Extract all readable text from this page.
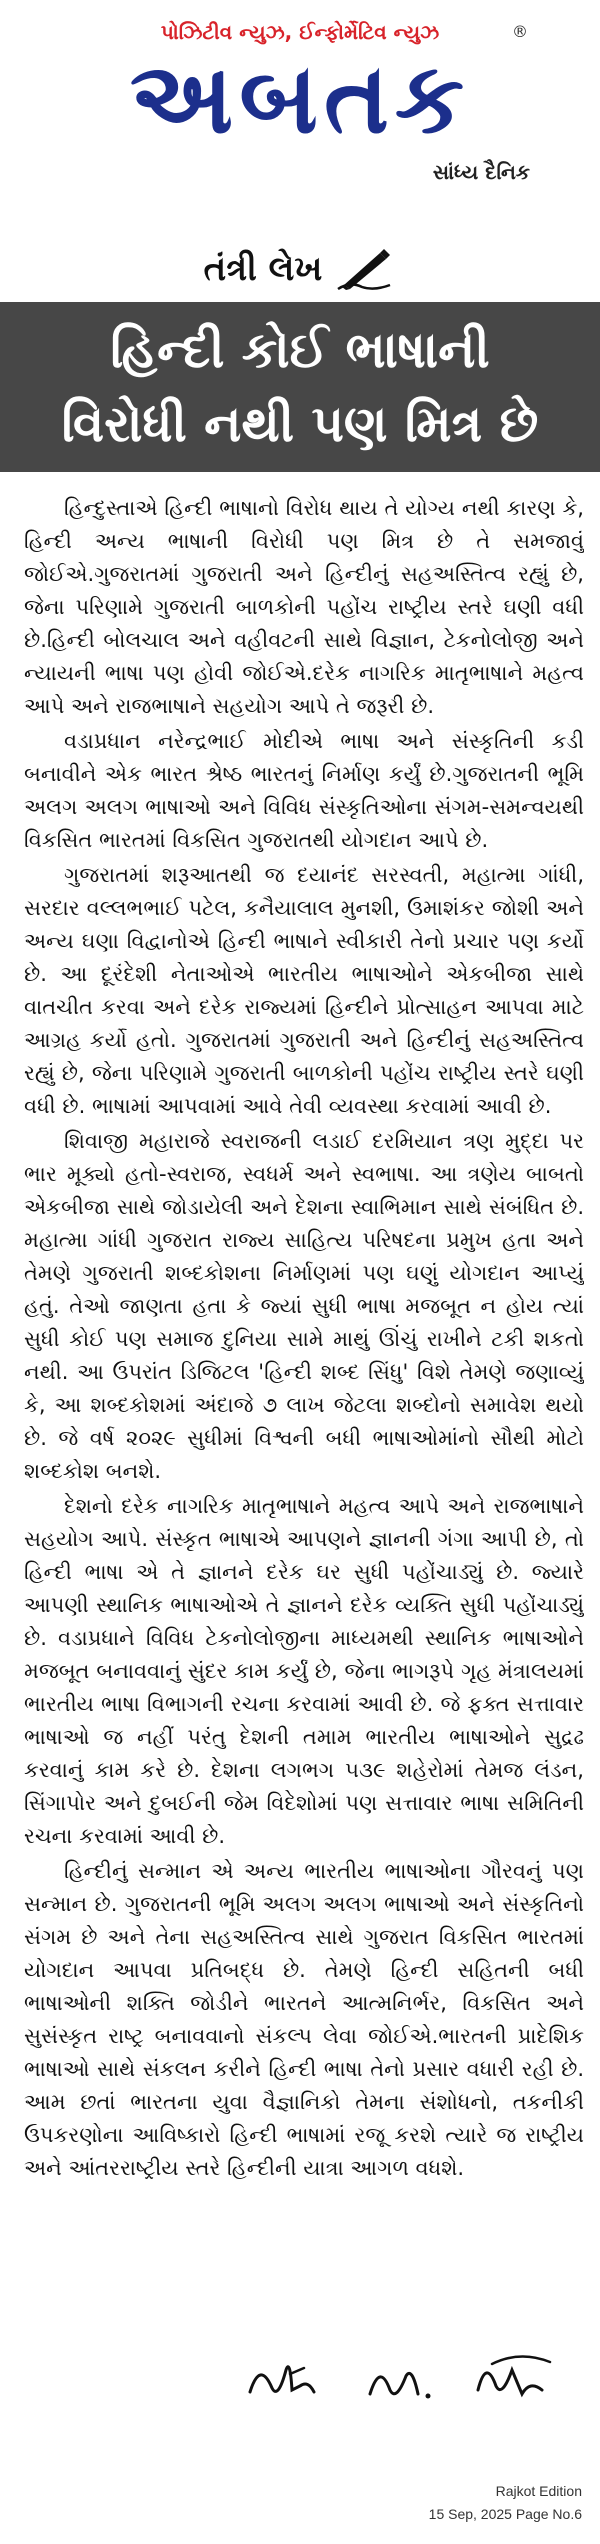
પોઝિટીવ ન્યુઝ, ઈન્ફોર્મેટિવ ન્યુઝ
અબતક
®
સાંધ્ય દૈનિક
તંત્રી લેખ
હિન્દી કોઈ ભાષાની
વિરોધી નથી પણ મિત્ર છે

હિન્દુસ્તાએ હિન્દી ભાષાનો વિરોધ થાય તે યોગ્ય નથી કારણ કે, હિન્દી અન્ય ભાષાની વિરોધી પણ મિત્ર છે તે સમજાવું જોઈએ.ગુજરાતમાં ગુજરાતી અને હિન્દીનું સહઅસ્તિત્વ રહ્યું છે, જેના પરિણામે ગુજરાતી બાળકોની પહોંચ રાષ્ટ્રીય સ્તરે ઘણી વધી છે.હિન્દી બોલચાલ અને વહીવટની સાથે વિજ્ઞાન, ટેકનોલોજી અને ન્યાયની ભાષા પણ હોવી જોઈએ.દરેક નાગરિક માતૃભાષાને મહત્વ આપે અને રાજભાષાને સહયોગ આપે તે જરૂરી છે.

વડાપ્રધાન નરેન્દ્રભાઈ મોદીએ ભાષા અને સંસ્કૃતિની કડી બનાવીને એક ભારત શ્રેષ્ઠ ભારતનું નિર્માણ કર્યું છે.ગુજરાતની ભૂમિ અલગ અલગ ભાષાઓ અને વિવિધ સંસ્કૃતિઓના સંગમ-સમન્વયથી વિકસિત ભારતમાં વિકસિત ગુજરાતથી યોગદાન આપે છે.

ગુજરાતમાં શરૂઆતથી જ દયાનંદ સરસ્વતી, મહાત્મા ગાંધી, સરદાર વલ્લભભાઈ પટેલ, કનૈયાલાલ મુનશી, ઉમાશંકર જોશી અને અન્ય ઘણા વિદ્વાનોએ હિન્દી ભાષાને સ્વીકારી તેનો પ્રચાર પણ કર્યો છે. આ દૂરંદેશી નેતાઓએ ભારતીય ભાષાઓને એકબીજા સાથે વાતચીત કરવા અને દરેક રાજ્યમાં હિન્દીને પ્રોત્સાહન આપવા માટે આગ્રહ કર્યો હતો. ગુજરાતમાં ગુજરાતી અને હિન્દીનું સહઅસ્તિત્વ રહ્યું છે, જેના પરિણામે ગુજરાતી બાળકોની પહોંચ રાષ્ટ્રીય સ્તરે ઘણી વધી છે. ભાષામાં આપવામાં આવે તેવી વ્યવસ્થા કરવામાં આવી છે.

શિવાજી મહારાજે સ્વરાજની લડાઈ દરમિયાન ત્રણ મુદ્દા પર ભાર મૂક્યો હતો-સ્વરાજ, સ્વધર્મ અને સ્વભાષા. આ ત્રણેય બાબતો એકબીજા સાથે જોડાયેલી અને દેશના સ્વાભિમાન સાથે સંબંધિત છે. મહાત્મા ગાંધી ગુજરાત રાજ્ય સાહિત્ય પરિષદના પ્રમુખ હતા અને તેમણે ગુજરાતી શબ્દકોશના નિર્માણમાં પણ ઘણું યોગદાન આપ્યું હતું. તેઓ જાણતા હતા કે જ્યાં સુધી ભાષા મજબૂત ન હોય ત્યાં સુધી કોઈ પણ સમાજ દુનિયા સામે માથું ઊંચું રાખીને ટકી શકતો નથી. આ ઉપરાંત ડિજિટલ 'હિન્દી શબ્દ સિંધુ' વિશે તેમણે જણાવ્યું કે, આ શબ્દકોશમાં અંદાજે ૭ લાખ જેટલા શબ્દોનો સમાવેશ થયો છે. જે વર્ષ ૨૦૨૯ સુધીમાં વિશ્વની બધી ભાષાઓમાંનો સૌથી મોટો શબ્દકોશ બનશે.

દેશનો દરેક નાગરિક માતૃભાષાને મહત્વ આપે અને રાજભાષાને સહયોગ આપે. સંસ્કૃત ભાષાએ આપણને જ્ઞાનની ગંગા આપી છે, તો હિન્દી ભાષા એ તે જ્ઞાનને દરેક ઘર સુધી પહોંચાડ્યું છે. જ્યારે આપણી સ્થાનિક ભાષાઓએ તે જ્ઞાનને દરેક વ્યક્તિ સુધી પહોંચાડ્યું છે. વડાપ્રધાને વિવિધ ટેકનોલોજીના માધ્યમથી સ્થાનિક ભાષાઓને મજબૂત બનાવવાનું સુંદર કામ કર્યું છે, જેના ભાગરૂપે ગૃહ મંત્રાલયમાં ભારતીય ભાષા વિભાગની રચના કરવામાં આવી છે. જે ફક્ત સત્તાવાર ભાષાઓ જ નહીં પરંતુ દેશની તમામ ભારતીય ભાષાઓને સુદ્રઢ કરવાનું કામ કરે છે. દેશના લગભગ ૫૩૯ શહેરોમાં તેમજ લંડન, સિંગાપોર અને દુબઈની જેમ વિદેશોમાં પણ સત્તાવાર ભાષા સમિતિની રચના કરવામાં આવી છે.

હિન્દીનું સન્માન એ અન્ય ભારતીય ભાષાઓના ગૌરવનું પણ સન્માન છે. ગુજરાતની ભૂમિ અલગ અલગ ભાષાઓ અને સંસ્કૃતિનો સંગમ છે અને તેના સહઅસ્તિત્વ સાથે ગુજરાત વિકસિત ભારતમાં યોગદાન આપવા પ્રતિબદ્ધ છે. તેમણે હિન્દી સહિતની બધી ભાષાઓની શક્તિ જોડીને ભારતને આત્મનિર્ભર, વિકસિત અને સુસંસ્કૃત રાષ્ટ્ર બનાવવાનો સંકલ્પ લેવા જોઈએ.ભારતની પ્રાદેશિક ભાષાઓ સાથે સંકલન કરીને હિન્દી ભાષા તેનો પ્રસાર વધારી રહી છે. આમ છતાં ભારતના યુવા વૈજ્ઞાનિકો તેમના સંશોધનો, તકનીકી ઉપકરણોના આવિષ્કારો હિન્દી ભાષામાં રજૂ કરશે ત્યારે જ રાષ્ટ્રીય અને આંતરરાષ્ટ્રીય સ્તરે હિન્દીની યાત્રા આગળ વધશે.

Rajkot Edition
15 Sep, 2025 Page No.6
